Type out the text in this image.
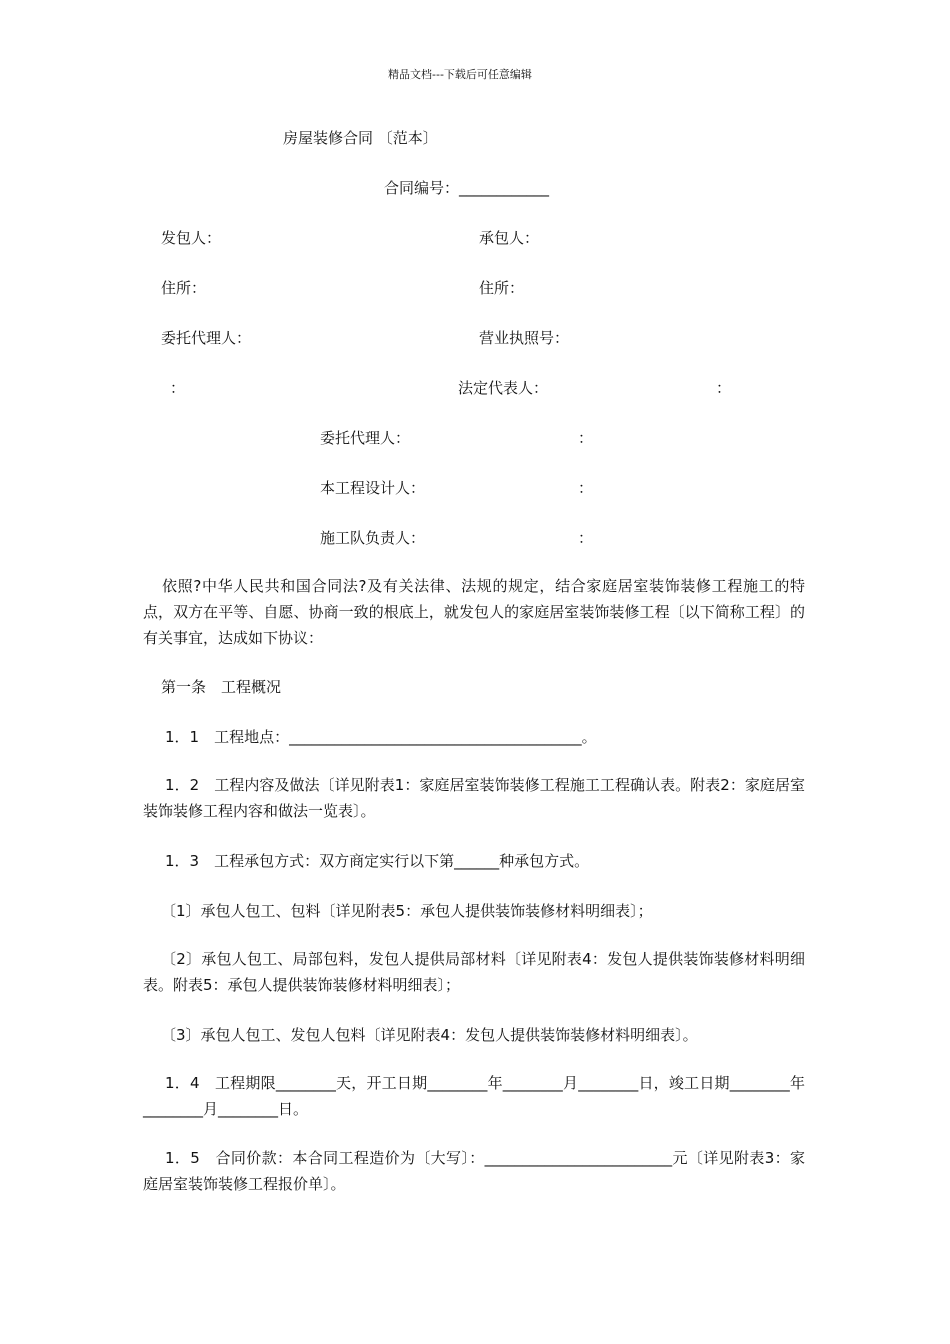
精品文档---下载后可任意编辑
房屋装修合同 〔范本〕
合同编号：____________
发包人：	承包人：
住所：	住所：
委托代理人：	营业执照号：
：	法定代表人：	：
委托代理人：	：
本工程设计人：	：
施工队负责人：	：
依照?中华人民共和国合同法?及有关法律、法规的规定，结合家庭居室装饰装修工程施工的特点，双方在平等、自愿、协商一致的根底上，就发包人的家庭居室装饰装修工程〔以下简称工程〕的有关事宜，达成如下协议：
第一条　工程概况
1．1　工程地点：_______________________________________。
1．2　工程内容及做法〔详见附表1：家庭居室装饰装修工程施工工程确认表。附表2：家庭居室装饰装修工程内容和做法一览表〕。
1．3　工程承包方式：双方商定实行以下第______种承包方式。
〔1〕承包人包工、包料〔详见附表5：承包人提供装饰装修材料明细表〕；
〔2〕承包人包工、局部包料，发包人提供局部材料〔详见附表4：发包人提供装饰装修材料明细表。附表5：承包人提供装饰装修材料明细表〕；
〔3〕承包人包工、发包人包料〔详见附表4：发包人提供装饰装修材料明细表〕。
1．4　工程期限________天，开工日期________年________月________日，竣工日期________年________月________日。
1．5　合同价款：本合同工程造价为〔大写〕：_________________________元〔详见附表3：家庭居室装饰装修工程报价单〕。
